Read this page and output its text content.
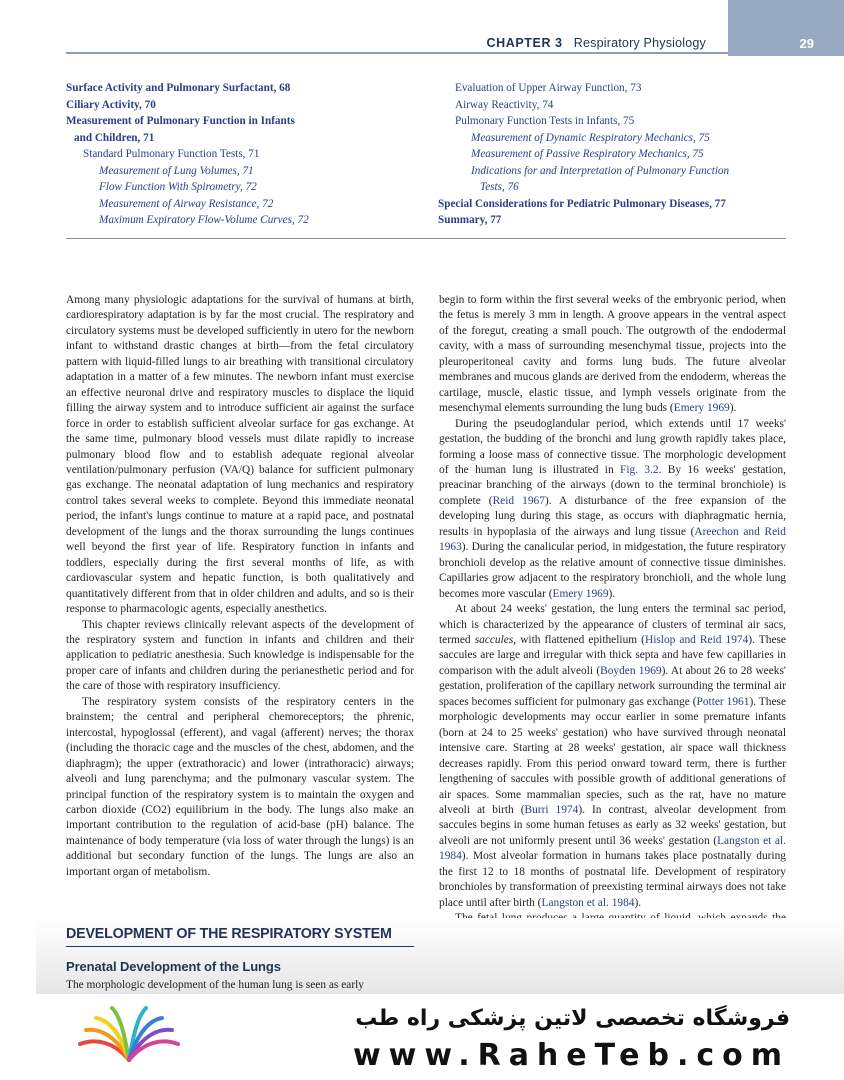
CHAPTER 3 Respiratory Physiology	29
Surface Activity and Pulmonary Surfactant, 68
Ciliary Activity, 70
Measurement of Pulmonary Function in Infants
and Children, 71
Standard Pulmonary Function Tests, 71
Measurement of Lung Volumes, 71
Flow Function With Spirometry, 72
Measurement of Airway Resistance, 72
Maximum Expiratory Flow-Volume Curves, 72
Evaluation of Upper Airway Function, 73
Airway Reactivity, 74
Pulmonary Function Tests in Infants, 75
Measurement of Dynamic Respiratory Mechanics, 75
Measurement of Passive Respiratory Mechanics, 75
Indications for and Interpretation of Pulmonary Function
Tests, 76
Special Considerations for Pediatric Pulmonary Diseases, 77
Summary, 77

Among many physiologic adaptations for the survival of humans at birth, cardiorespiratory adaptation is by far the most crucial. The respiratory and circulatory systems must be developed sufficiently in utero for the newborn infant to withstand drastic changes at birth—from the fetal circulatory pattern with liquid-filled lungs to air breathing with transitional circulatory adaptation in a matter of a few minutes. The newborn infant must exercise an effective neuronal drive and respiratory muscles to displace the liquid filling the airway system and to introduce sufficient air against the surface force in order to establish sufficient alveolar surface for gas exchange. At the same time, pulmonary blood vessels must dilate rapidly to increase pulmonary blood flow and to establish adequate regional alveolar ventilation/pulmonary perfusion (VA/Q) balance for sufficient pulmonary gas exchange. The neonatal adaptation of lung mechanics and respiratory control takes several weeks to complete. Beyond this immediate neonatal period, the infant's lungs continue to mature at a rapid pace, and postnatal development of the lungs and the thorax surrounding the lungs continues well beyond the first year of life. Respiratory function in infants and toddlers, especially during the first several months of life, as with cardiovascular system and hepatic function, is both qualitatively and quantitatively different from that in older children and adults, and so is their response to pharmacologic agents, especially anesthetics.

This chapter reviews clinically relevant aspects of the development of the respiratory system and function in infants and children and their application to pediatric anesthesia. Such knowledge is indispensable for the proper care of infants and children during the perianesthetic period and for the care of those with respiratory insufficiency.

The respiratory system consists of the respiratory centers in the brainstem; the central and peripheral chemoreceptors; the phrenic, intercostal, hypoglossal (efferent), and vagal (afferent) nerves; the thorax (including the thoracic cage and the muscles of the chest, abdomen, and the diaphragm); the upper (extrathoracic) and lower (intrathoracic) airways; alveoli and lung parenchyma; and the pulmonary vascular system. The principal function of the respiratory system is to maintain the oxygen and carbon dioxide (CO2) equilibrium in the body. The lungs also make an important contribution to the regulation of acid-base (pH) balance. The maintenance of body temperature (via loss of water through the lungs) is an additional but secondary function of the lungs. The lungs are also an important organ of metabolism.

begin to form within the first several weeks of the embryonic period, when the fetus is merely 3 mm in length. A groove appears in the ventral aspect of the foregut, creating a small pouch. The outgrowth of the endodermal cavity, with a mass of surrounding mesenchymal tissue, projects into the pleuroperitoneal cavity and forms lung buds. The future alveolar membranes and mucous glands are derived from the endoderm, whereas the cartilage, muscle, elastic tissue, and lymph vessels originate from the mesenchymal elements surrounding the lung buds (Emery 1969).

During the pseudoglandular period, which extends until 17 weeks' gestation, the budding of the bronchi and lung growth rapidly takes place, forming a loose mass of connective tissue. The morphologic development of the human lung is illustrated in Fig. 3.2. By 16 weeks' gestation, preacinar branching of the airways (down to the terminal bronchiole) is complete (Reid 1967). A disturbance of the free expansion of the developing lung during this stage, as occurs with diaphragmatic hernia, results in hypoplasia of the airways and lung tissue (Areechon and Reid 1963). During the canalicular period, in midgestation, the future respiratory bronchioli develop as the relative amount of connective tissue diminishes. Capillaries grow adjacent to the respiratory bronchioli, and the whole lung becomes more vascular (Emery 1969).

At about 24 weeks' gestation, the lung enters the terminal sac period, which is characterized by the appearance of clusters of terminal air sacs, termed saccules, with flattened epithelium (Hislop and Reid 1974). These saccules are large and irregular with thick septa and have few capillaries in comparison with the adult alveoli (Boyden 1969). At about 26 to 28 weeks' gestation, proliferation of the capillary network surrounding the terminal air spaces becomes sufficient for pulmonary gas exchange (Potter 1961). These morphologic developments may occur earlier in some premature infants (born at 24 to 25 weeks' gestation) who have survived through neonatal intensive care. Starting at 28 weeks' gestation, air space wall thickness decreases rapidly. From this period onward toward term, there is further lengthening of saccules with possible growth of additional generations of air spaces. Some mammalian species, such as the rat, have no mature alveoli at birth (Burri 1974). In contrast, alveolar development from saccules begins in some human fetuses as early as 32 weeks' gestation, but alveoli are not uniformly present until 36 weeks' gestation (Langston et al. 1984). Most alveolar formation in humans takes place postnatally during the first 12 to 18 months of postnatal life. Development of respiratory bronchioles by transformation of preexisting terminal airways does not take place until after birth (Langston et al. 1984).

DEVELOPMENT OF THE RESPIRATORY SYSTEM
Prenatal Development of the Lungs

The morphologic development of the human lung is seen as early

فروشگاه تخصصی لاتین پزشکی راه طب
www.RaheTeb.com
